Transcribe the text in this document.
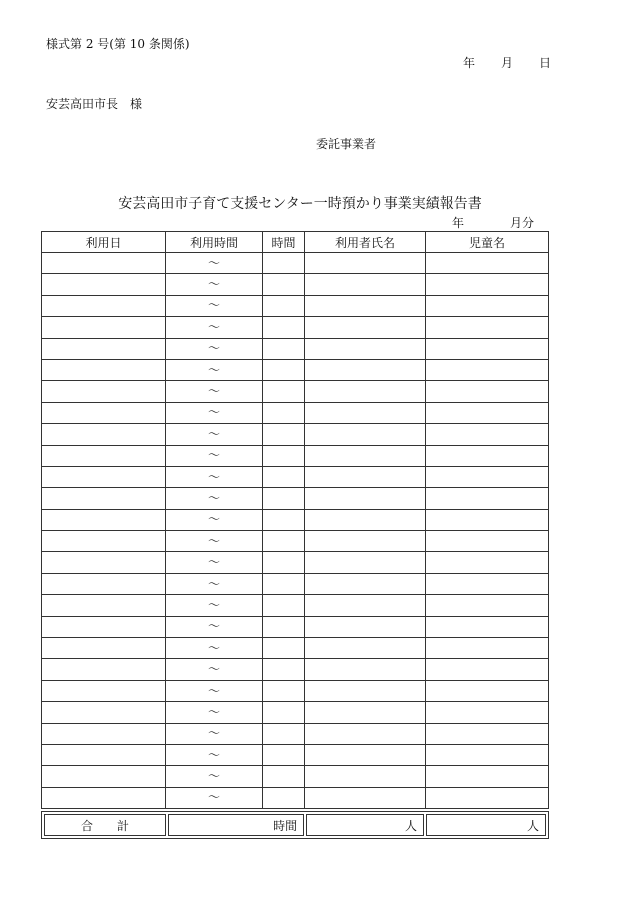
様式第 2 号(第 10 条関係)
年 月 日
安芸高田市長　様
委託事業者
安芸高田市子育て支援センター一時預かり事業実績報告書
年	月分
利用日	利用時間	時間	利用者氏名	児童名
	～			
	～			
	～			
	～			
	～			
	～			
	～			
	～			
	～			
	～			
	～			
	～			
	～			
	～			
	～			
	～			
	～			
	～			
	～			
	～			
	～			
	～			
	～			
	～			
	～			
	～			
合 計	時間	人	人
